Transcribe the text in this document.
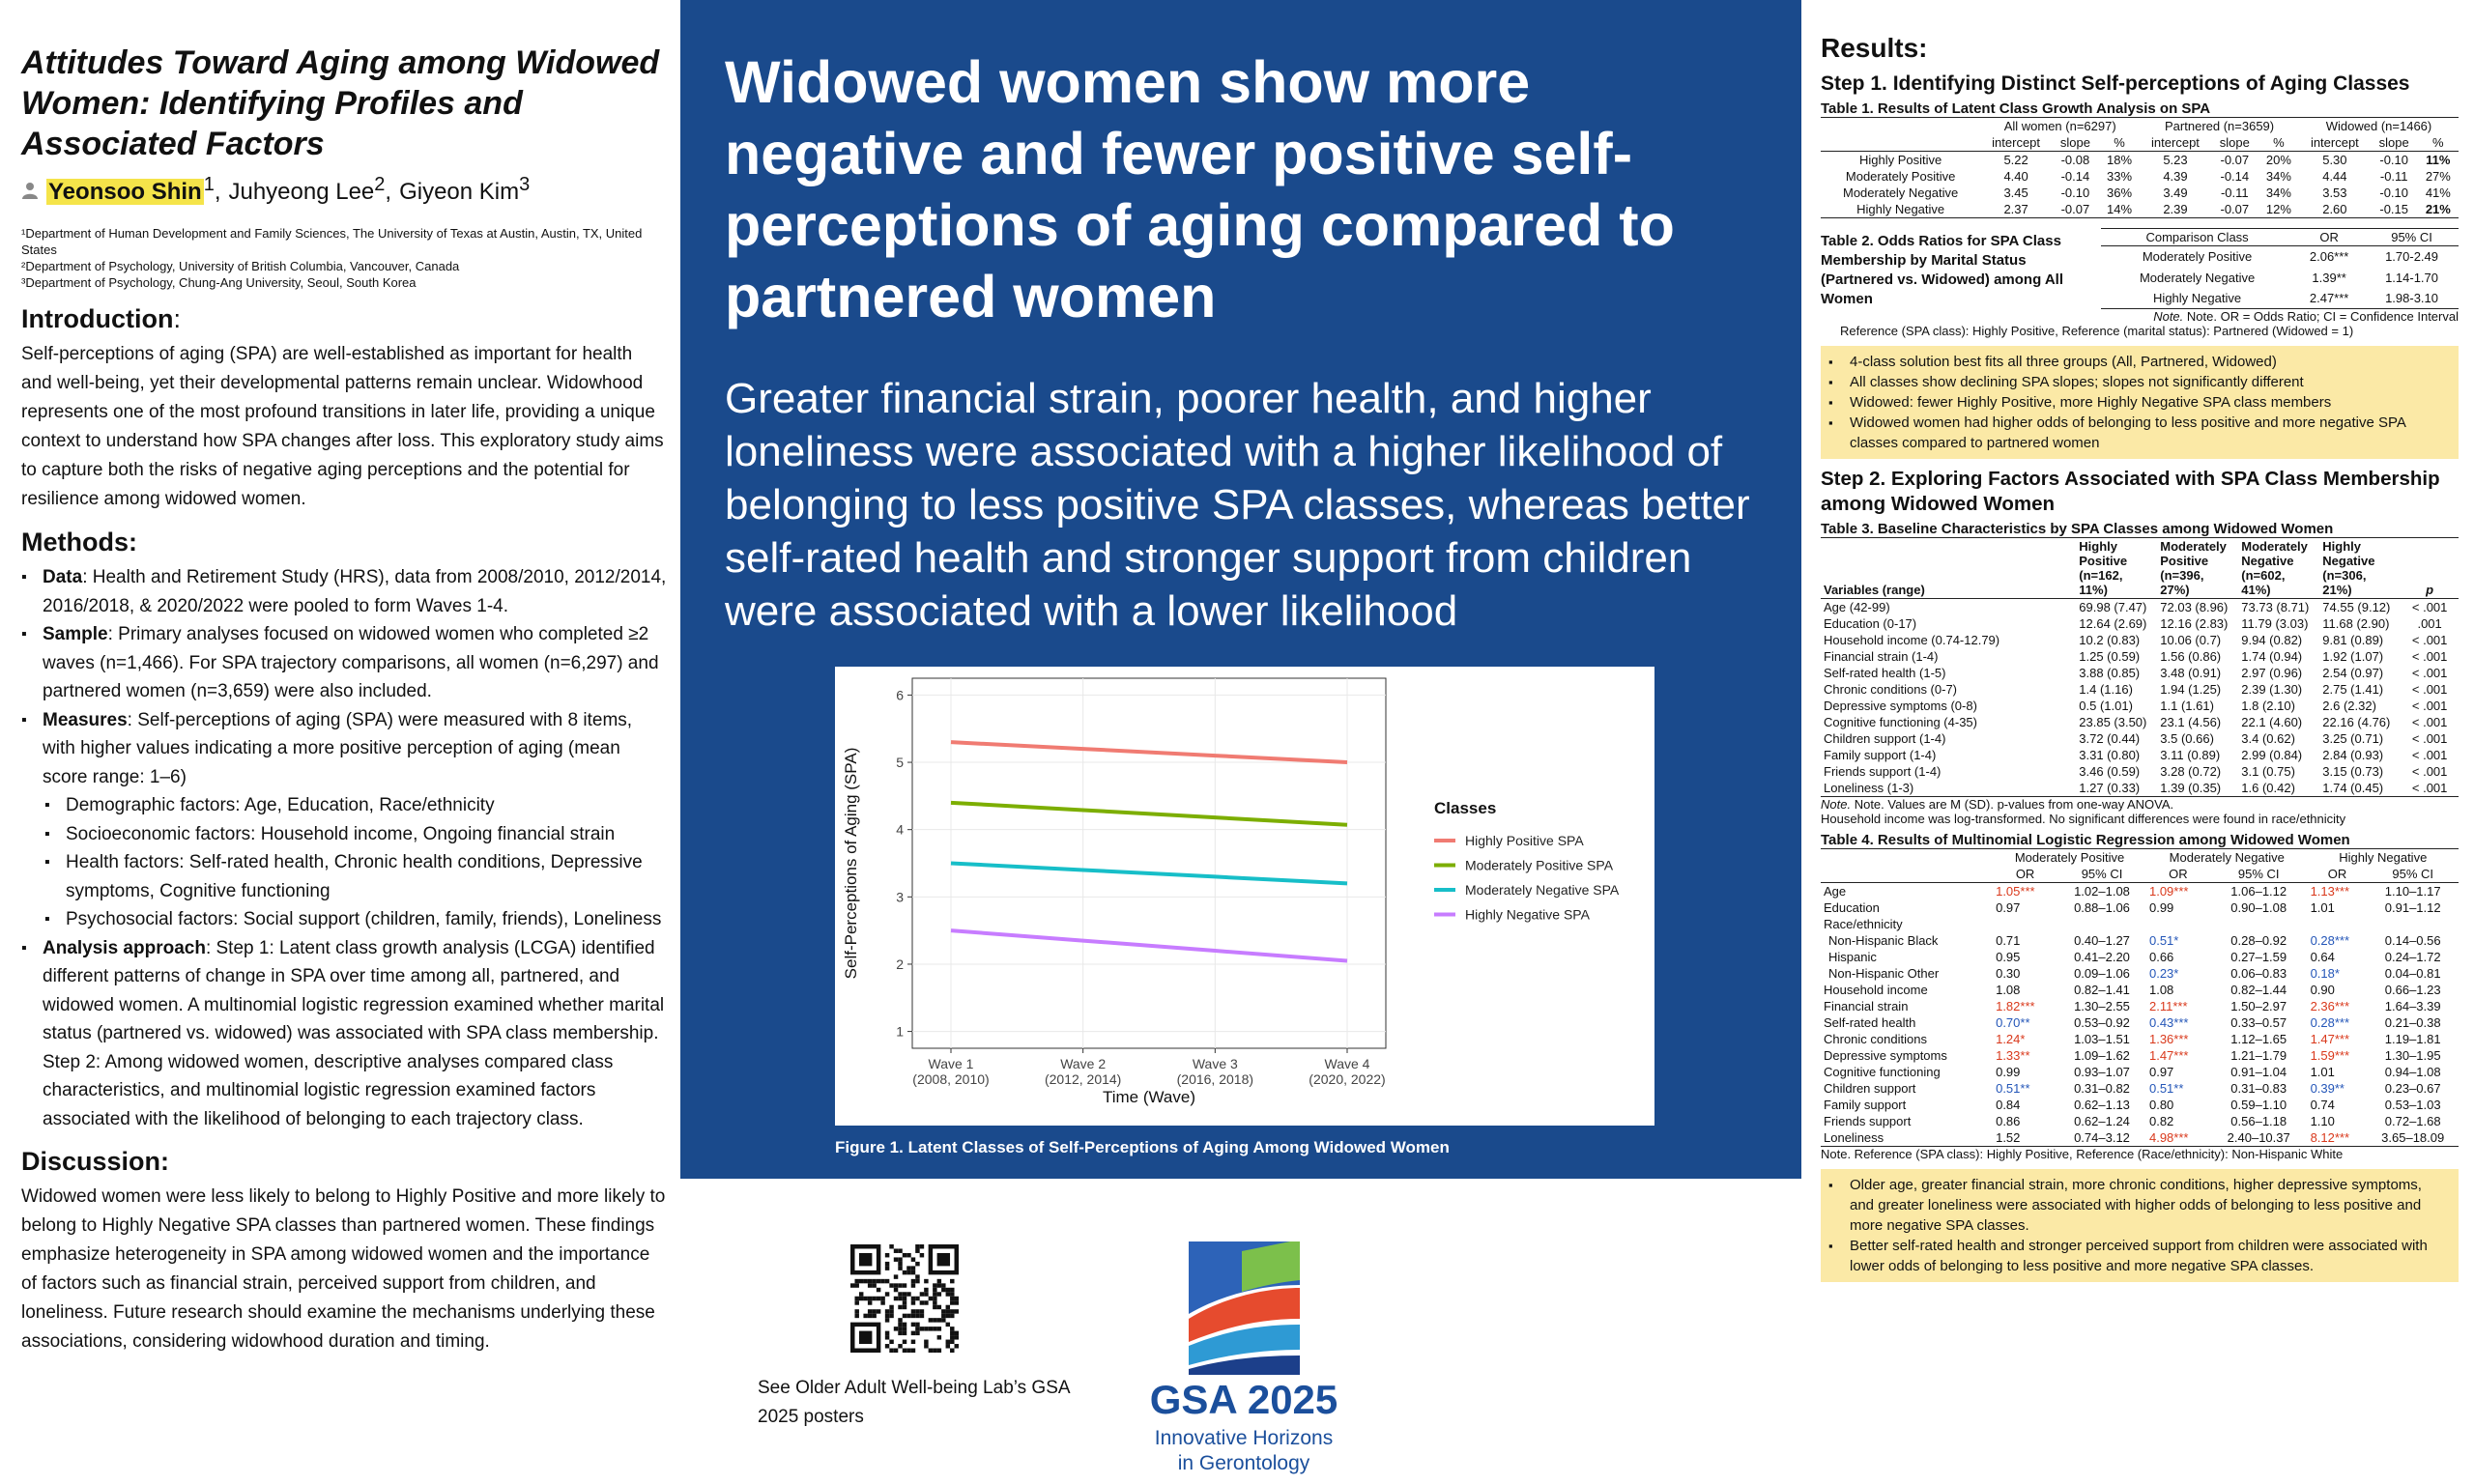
Attitudes Toward Aging among Widowed Women: Identifying Profiles and Associated Factors
Yeonsoo Shin $^1$, Juhyeong Lee$^2$, Giyeon Kim$^3$
¹Department of Human Development and Family Sciences, The University of Texas at Austin, Austin, TX, United States
²Department of Psychology, University of British Columbia, Vancouver, Canada
³Department of Psychology, Chung-Ang University, Seoul, South Korea
Introduction:
Self-perceptions of aging (SPA) are well-established as important for health and well-being, yet their developmental patterns remain unclear. Widowhood represents one of the most profound transitions in later life, providing a unique context to understand how SPA changes after loss. This exploratory study aims to capture both the risks of negative aging perceptions and the potential for resilience among widowed women.
Methods:
▪ Data: Health and Retirement Study (HRS), data from 2008/2010, 2012/2014, 2016/2018, & 2020/2022 were pooled to form Waves 1-4.
▪ Sample: Primary analyses focused on widowed women who completed ≥2 waves (n=1,466). For SPA trajectory comparisons, all women (n=6,297) and partnered women (n=3,659) were also included.
▪ Measures: Self-perceptions of aging (SPA) were measured with 8 items, with higher values indicating a more positive perception of aging (mean score range: 1–6)
▪ Demographic factors: Age, Education, Race/ethnicity
▪ Socioeconomic factors: Household income, Ongoing financial strain
▪ Health factors: Self-rated health, Chronic health conditions, Depressive symptoms, Cognitive functioning
▪ Psychosocial factors: Social support (children, family, friends), Loneliness
▪ Analysis approach: Step 1: Latent class growth analysis (LCGA) identified different patterns of change in SPA over time among all, partnered, and widowed women. A multinomial logistic regression examined whether marital status (partnered vs. widowed) was associated with SPA class membership.
Step 2: Among widowed women, descriptive analyses compared class characteristics, and multinomial logistic regression examined factors associated with the likelihood of belonging to each trajectory class.
Discussion:
Widowed women were less likely to belong to Highly Positive and more likely to belong to Highly Negative SPA classes than partnered women. These findings emphasize heterogeneity in SPA among widowed women and the importance of factors such as financial strain, perceived support from children, and loneliness. Future research should examine the mechanisms underlying these associations, considering widowhood duration and timing.
Widowed women show more negative and fewer positive self-perceptions of aging compared to partnered women
Greater financial strain, poorer health, and higher loneliness were associated with a higher likelihood of belonging to less positive SPA classes, whereas better self-rated health and stronger support from children were associated with a lower likelihood
1
2
3
4
5
6
Wave 1
(2008, 2010)
Wave 2
(2012, 2014)
Wave 3
(2016, 2018)
Wave 4
(2020, 2022)
Time (Wave)
Self-Perceptions of Aging (SPA)	Classes
Highly Positive SPA
Moderately Positive SPA
Moderately Negative SPA
Highly Negative SPA
Figure 1. Latent Classes of Self-Perceptions of Aging Among Widowed Women
See Older Adult Well-being Lab’s GSA 2025 posters	GSA 2025
Innovative Horizons
in Gerontology
Results:
Step 1. Identifying Distinct Self-perceptions of Aging Classes
Table 1. Results of Latent Class Growth Analysis on SPA
	All women (n=6297)			Partnered (n=3659)			Widowed (n=1466)		
	intercept	slope	%	intercept	slope	%	intercept	slope	%
Highly Positive	5.22	-0.08	18%	5.23	-0.07	20%	5.30	-0.10	11%
Moderately Positive	4.40	-0.14	33%	4.39	-0.14	34%	4.44	-0.11	27%
Moderately Negative	3.45	-0.10	36%	3.49	-0.11	34%	3.53	-0.10	41%
Highly Negative	2.37	-0.07	14%	2.39	-0.07	12%	2.60	-0.15	21%
Table 2. Odds Ratios for SPA Class Membership by Marital Status (Partnered vs. Widowed) among All Women
Comparison Class	OR	95% CI
Moderately Positive	2.06***	1.70-2.49
Moderately Negative	1.39**	1.14-1.70
Highly Negative	2.47***	1.98-3.10
Note. Note. OR = Odds Ratio; CI = Confidence Interval
Reference (SPA class): Highly Positive, Reference (marital status): Partnered (Widowed = 1)
▪ 4-class solution best fits all three groups (All, Partnered, Widowed)
▪ All classes show declining SPA slopes; slopes not significantly different
▪ Widowed: fewer Highly Positive, more Highly Negative SPA class members
▪ Widowed women had higher odds of belonging to less positive and more negative SPA classes compared to partnered women
Step 2. Exploring Factors Associated with SPA Class Membership among Widowed Women
Table 3. Baseline Characteristics by SPA Classes among Widowed Women
Variables (range)	Highly Positive (n=162, 11%)	Moderately Positive (n=396, 27%)	Moderately Negative (n=602, 41%)	Highly Negative (n=306, 21%)	p
Age (42-99)	69.98 (7.47)	72.03 (8.96)	73.73 (8.71)	74.55 (9.12)	< .001
Education (0-17)	12.64 (2.69)	12.16 (2.83)	11.79 (3.03)	11.68 (2.90)	.001
Household income (0.74-12.79)	10.2 (0.83)	10.06 (0.7)	9.94 (0.82)	9.81 (0.89)	< .001
Financial strain (1-4)	1.25 (0.59)	1.56 (0.86)	1.74 (0.94)	1.92 (1.07)	< .001
Self-rated health (1-5)	3.88 (0.85)	3.48 (0.91)	2.97 (0.96)	2.54 (0.97)	< .001
Chronic conditions (0-7)	1.4 (1.16)	1.94 (1.25)	2.39 (1.30)	2.75 (1.41)	< .001
Depressive symptoms (0-8)	0.5 (1.01)	1.1 (1.61)	1.8 (2.10)	2.6 (2.32)	< .001
Cognitive functioning (4-35)	23.85 (3.50)	23.1 (4.56)	22.1 (4.60)	22.16 (4.76)	< .001
Children support (1-4)	3.72 (0.44)	3.5 (0.66)	3.4 (0.62)	3.25 (0.71)	< .001
Family support (1-4)	3.31 (0.80)	3.11 (0.89)	2.99 (0.84)	2.84 (0.93)	< .001
Friends support (1-4)	3.46 (0.59)	3.28 (0.72)	3.1 (0.75)	3.15 (0.73)	< .001
Loneliness (1-3)	1.27 (0.33)	1.39 (0.35)	1.6 (0.42)	1.74 (0.45)	< .001
Note. Note. Values are M (SD). p-values from one-way ANOVA.
Household income was log-transformed. No significant differences were found in race/ethnicity
Table 4. Results of Multinomial Logistic Regression among Widowed Women
	Moderately Positive		Moderately Negative		Highly Negative	
	OR	95% CI	OR	95% CI	OR	95% CI
Age	1.05***	1.02–1.08	1.09***	1.06–1.12	1.13***	1.10–1.17
Education	0.97	0.88–1.06	0.99	0.90–1.08	1.01	0.91–1.12
Race/ethnicity						
Non-Hispanic Black	0.71	0.40–1.27	0.51*	0.28–0.92	0.28***	0.14–0.56
Hispanic	0.95	0.41–2.20	0.66	0.27–1.59	0.64	0.24–1.72
Non-Hispanic Other	0.30	0.09–1.06	0.23*	0.06–0.83	0.18*	0.04–0.81
Household income	1.08	0.82–1.41	1.08	0.82–1.44	0.90	0.66–1.23
Financial strain	1.82***	1.30–2.55	2.11***	1.50–2.97	2.36***	1.64–3.39
Self-rated health	0.70**	0.53–0.92	0.43***	0.33–0.57	0.28***	0.21–0.38
Chronic conditions	1.24*	1.03–1.51	1.36***	1.12–1.65	1.47***	1.19–1.81
Depressive symptoms	1.33**	1.09–1.62	1.47***	1.21–1.79	1.59***	1.30–1.95
Cognitive functioning	0.99	0.93–1.07	0.97	0.91–1.04	1.01	0.94–1.08
Children support	0.51**	0.31–0.82	0.51**	0.31–0.83	0.39**	0.23–0.67
Family support	0.84	0.62–1.13	0.80	0.59–1.10	0.74	0.53–1.03
Friends support	0.86	0.62–1.24	0.82	0.56–1.18	1.10	0.72–1.68
Loneliness	1.52	0.74–3.12	4.98***	2.40–10.37	8.12***	3.65–18.09
Note. Reference (SPA class): Highly Positive, Reference (Race/ethnicity): Non-Hispanic White
▪ Older age, greater financial strain, more chronic conditions, higher depressive symptoms, and greater loneliness were associated with higher odds of belonging to less positive and more negative SPA classes.
▪ Better self-rated health and stronger perceived support from children were associated with lower odds of belonging to less positive and more negative SPA classes.
